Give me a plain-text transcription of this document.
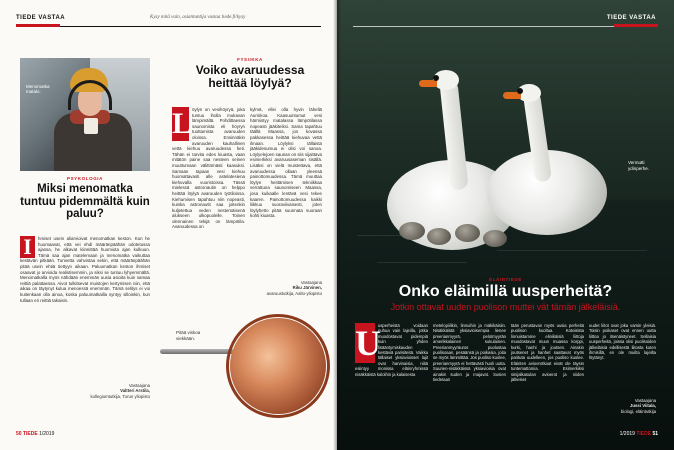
TIEDE VASTAA	Kysy mitä vain, asiantuntija vastaa tiede.fi/kysy
Menomatka matalo.
PSYKOLOGIA
Miksi menomatka tuntuu pidemmältä kuin paluu?
hmiset usein aliarvioivat menomatkan keston. Kun he huomaavat, että vei ehdi määränpäähän odotetussa ajassa, he alkavat kiinnittää huomiota ajan kulkuun. Tämä saa ajan matelemaan ja menomatka vaikuttaa kestävän pitkään. Tunnetta vahvistaa sekin, että määränpäähän pitää usein ehtiä tiettyyn aikaan. Paluumatkan keston ihmiset osaavat jo arvioida realistisemmin, ja siksi se tuntuu lyhyemmältä. Menomatkalla myös nähdään enemmän uusia asioita kuin samaa reittiä palattaessa. Aivot tulkitsevat muistojen kertymisen niin, että aikaa on täytynyt kulua menoessä enemmän. Tämä selitys ei voi kuitenkaan olla ainoa, koska paluumatkailla syntyy silloinkin, kun tullaan eri reittiä takaisin.
I
Vastaajana
Valtteri Arstila,
kollegiumtutkija, Turun yliopisto
FYSIIKKA
Voiko avaruudessa heittää löylyä?
öylyn on vesihöyryä, joka tuntuu iholla mukavan lämpimältä. Pohdittaessa saunomista eli höyryn tuottamista avaruuden oloissa. Ensinnäkin avaruuden kauhallinen vettä kiehuu avaruudessa heti. Tähän ei tarvita edes kiuasta, vaan mitätön paine saa nesteen seinen muuttumaan välittömästi kaasuksi. Samaan tapaan vesi kiehuu huomattavasti alle astelatesiena kiehuvalla vuoristoissa. Tässä mielessä astronautin on helppo heittää löylyä avaruuden työtiloissa. Kiehumisen tapahtuu niin nopeasti, kuinka astronautit saa joitenkin kuljetettua veden nestemäisenä alukseen ulkopuolelle. Toinen olennainen tekijä on lämpötila. Avaruudessa on
L	kylmä, ellei olla hyvin lähellä Aurinkoa. Kaasuuntumut vesi härmistyy matalassa lämpötilassa nopeasti jääkiteiksi. Sama tapahtuu täällä Maassa, jos kovassa pakkasessa heittää kiehuvaa vettä ilmaan. Löylyksi tällaista jääkidesumua ei olisi voi sanoa. Löylyelejoen saunan on siis sijaittava esimerkiksi avaruusaseman sisällä. Lisäksi on vielä muistettava, että avaruudessa ollaan yleensä painottomuudessa. Tämä muuttaa löylyn heittämisen tekniikkaa verrattuna saunomiseen Maassa, josa kuikaalle lentävä vesi tekee kaaren. Painottomuudessa kaikki liikkuu suoraviivaisesti, joten löylyhetto pitää suunnata suoraan kohti kiuasta.
Vastaajana
Riku Järvinen,
avaruustutkija, Aalto-yliopisto
Pitää viskoa viekkään.
50 TIEDE 1/2019
TIEDE VASTAA
Vermutti ydinperhe.
ELÄINTIEDE
Onko eläimillä uusperheitä?
Jotkin ottavat uuden puolison muttei vät tämän jälkeläisiä.
usperheistä voidaan puhua vain lajeilla, jotka muodostavat pidempiä kuin yhden lisääntymiskauden kestäviä parisiteitä. Vaikka tällaiset yksiavioisset lajit ovat harvinaisia, niitä esiintyy monissa eläinryhmissä nisäkkäistä kaloihin ja kalaisesta
U	metelopiilikin, linnuihin ja mäkikäisiin. Nisäkkäistä yksiavioisempia lienee preerianmyyrä, pelotmyyrän amerikkalainen sukulainen. Preerianmyyräuros puolustaa puolisoaan, pesäänsä ja poikasia, joita se myös lämmittää. Jos puoliso kuolee, preerianmyyrä ei hettävästi huoli uutta. Suurien-nisäkkäissä yksiavioisia ovat ainakin suden ja majavat. Susien tiedetaan
tään perustavan myös uusia perheitä puolison kuoltua. Kotoisista linnuistamme elinikäisiä liittoja muodostavat muun muassa korppi, kurki, hanhi ja joutsen. Ainakin joutsenet ja hanhet saattavat myös parituta uudelleen, jos puoliso kuolee. Eläinten avioerotkaat eivät ole täysin tuntemattomia. Esimerkiksi sinijalkasulan avioerot ja niiden jälkeiset
uudet liitot ovat joka varsin yleisiä. Toisin poikaset ovat ennen uutta liittoa jo itsenäistyneet. Sellaisia uusperheitä, joissa olisi puolisoiden jälkeläisiä edellisestä liitosta kuten ihmisillä, en ole muilta lajeilta löytänyt.
Vastaajana
Jussi Viitala,
biologi, eläintutkija
1/2019 TIEDE 51
